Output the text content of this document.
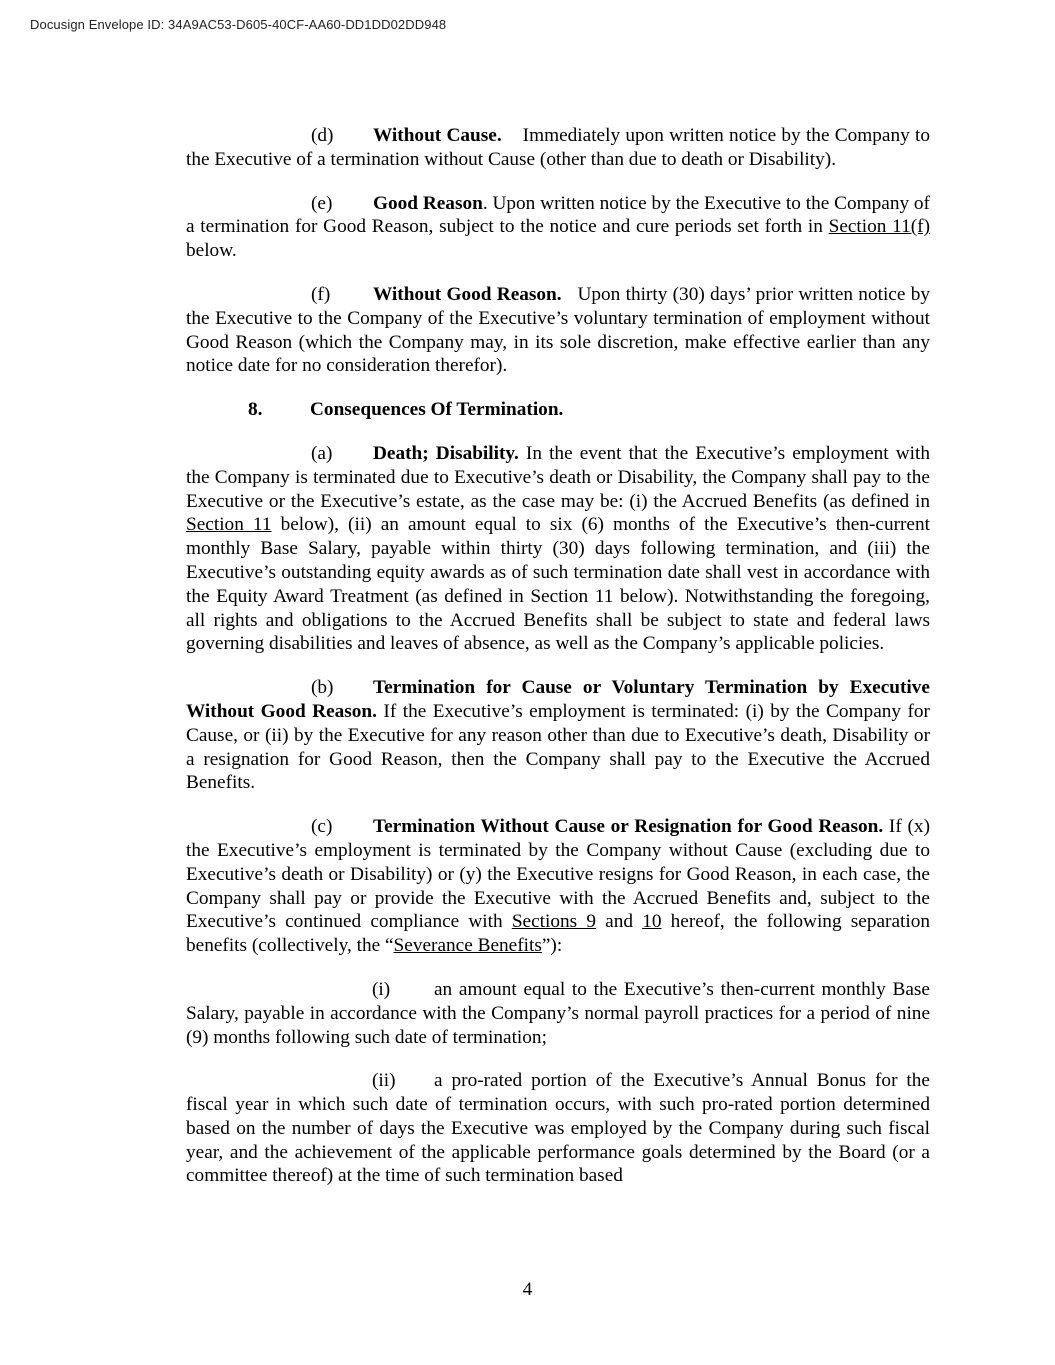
Docusign Envelope ID: 34A9AC53-D605-40CF-AA60-DD1DD02DD948

(d) Without Cause. Immediately upon written notice by the Company to the Executive of a termination without Cause (other than due to death or Disability).

(e) Good Reason. Upon written notice by the Executive to the Company of a termination for Good Reason, subject to the notice and cure periods set forth in Section 11(f) below.

(f) Without Good Reason. Upon thirty (30) days’ prior written notice by the Executive to the Company of the Executive’s voluntary termination of employment without Good Reason (which the Company may, in its sole discretion, make effective earlier than any notice date for no consideration therefor).

8. Consequences Of Termination.

(a) Death; Disability. In the event that the Executive’s employment with the Company is terminated due to Executive’s death or Disability, the Company shall pay to the Executive or the Executive’s estate, as the case may be: (i) the Accrued Benefits (as defined in Section 11 below), (ii) an amount equal to six (6) months of the Executive’s then-current monthly Base Salary, payable within thirty (30) days following termination, and (iii) the Executive’s outstanding equity awards as of such termination date shall vest in accordance with the Equity Award Treatment (as defined in Section 11 below). Notwithstanding the foregoing, all rights and obligations to the Accrued Benefits shall be subject to state and federal laws governing disabilities and leaves of absence, as well as the Company’s applicable policies.

(b) Termination for Cause or Voluntary Termination by Executive Without Good Reason. If the Executive’s employment is terminated: (i) by the Company for Cause, or (ii) by the Executive for any reason other than due to Executive’s death, Disability or a resignation for Good Reason, then the Company shall pay to the Executive the Accrued Benefits.

(c) Termination Without Cause or Resignation for Good Reason. If (x) the Executive’s employment is terminated by the Company without Cause (excluding due to Executive’s death or Disability) or (y) the Executive resigns for Good Reason, in each case, the Company shall pay or provide the Executive with the Accrued Benefits and, subject to the Executive’s continued compliance with Sections 9 and 10 hereof, the following separation benefits (collectively, the “Severance Benefits”):

(i) an amount equal to the Executive’s then-current monthly Base Salary, payable in accordance with the Company’s normal payroll practices for a period of nine (9) months following such date of termination;

(ii) a pro-rated portion of the Executive’s Annual Bonus for the fiscal year in which such date of termination occurs, with such pro-rated portion determined based on the number of days the Executive was employed by the Company during such fiscal year, and the achievement of the applicable performance goals determined by the Board (or a committee thereof) at the time of such termination based

4
